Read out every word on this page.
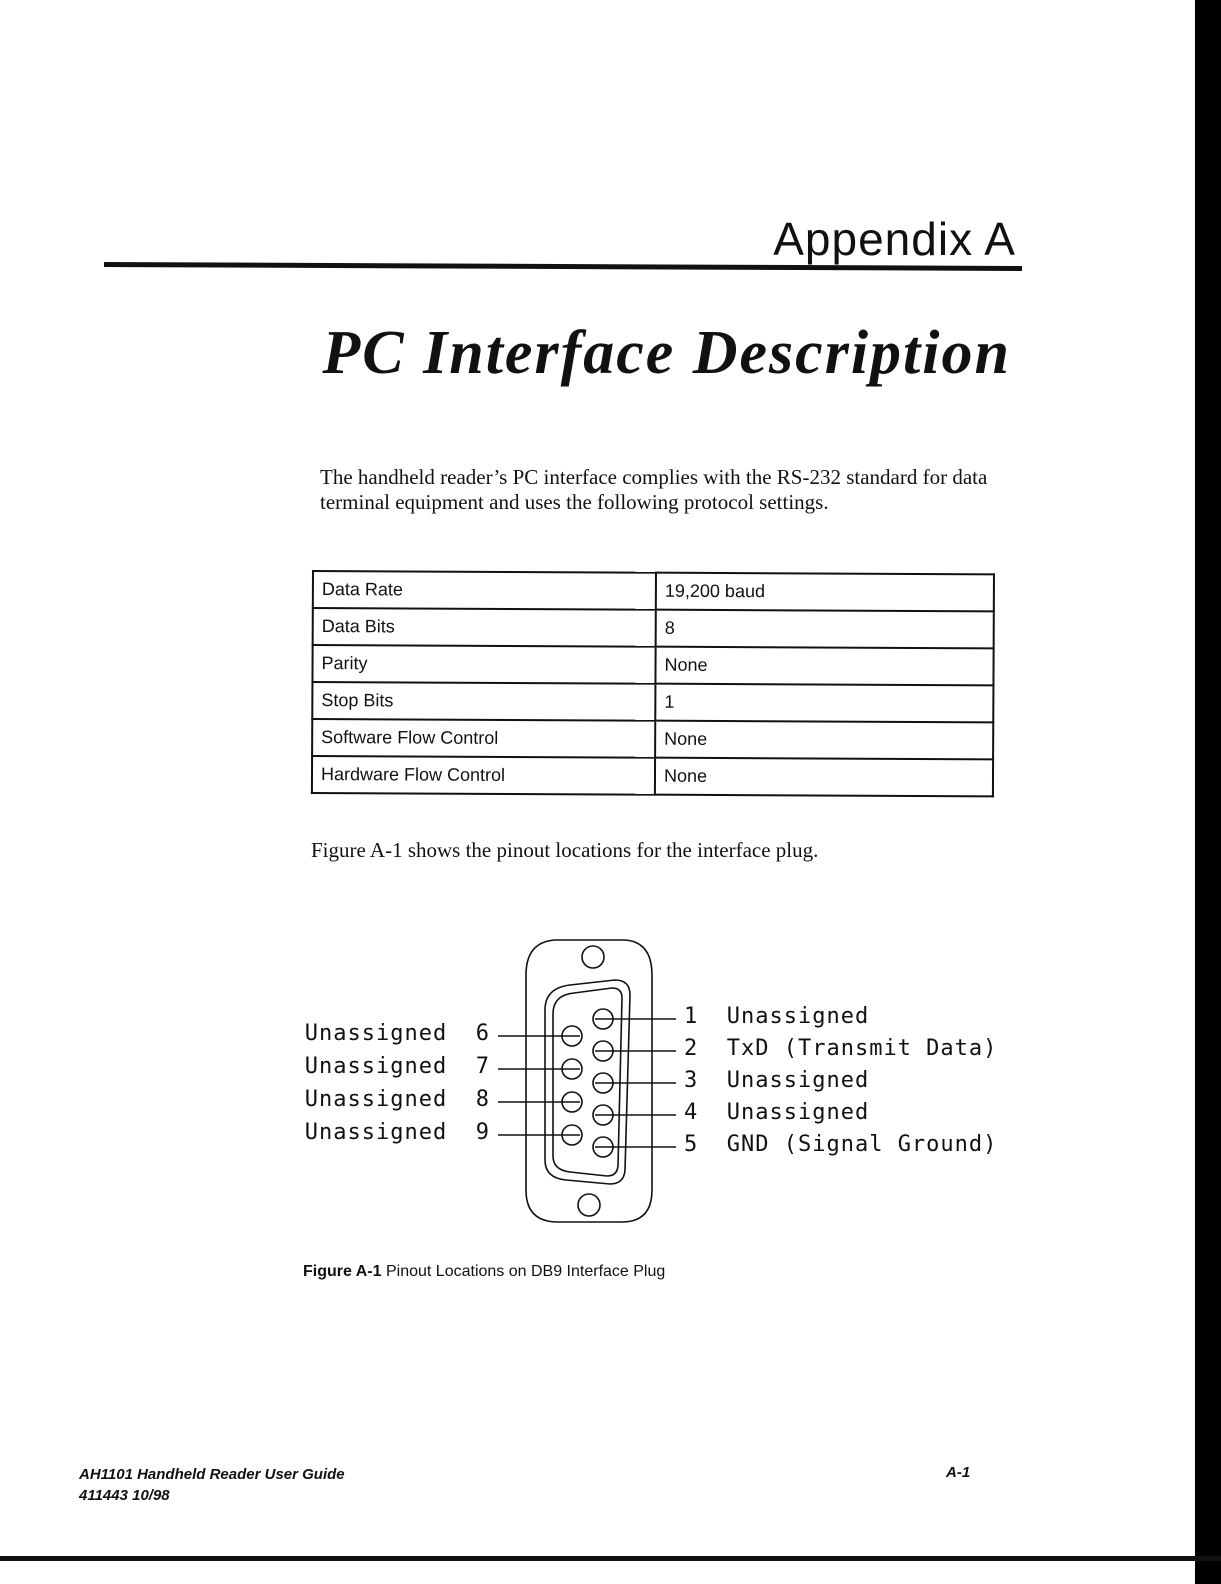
Appendix A
PC Interface Description

The handheld reader’s PC interface complies with the RS-232 standard for data terminal equipment and uses the following protocol settings.

Data Rate	19,200 baud
Data Bits	8
Parity	None
Stop Bits	1
Software Flow Control	None
Hardware Flow Control	None
Figure A-1 shows the pinout locations for the interface plug.
1 Unassigned
2 TxD (Transmit Data)
3 Unassigned
4 Unassigned
5 GND (Signal Ground)
Unassigned 6
Unassigned 7
Unassigned 8
Unassigned 9
Figure A-1 Pinout Locations on DB9 Interface Plug
AH1101 Handheld Reader User Guide
411443 10/98
A-1
